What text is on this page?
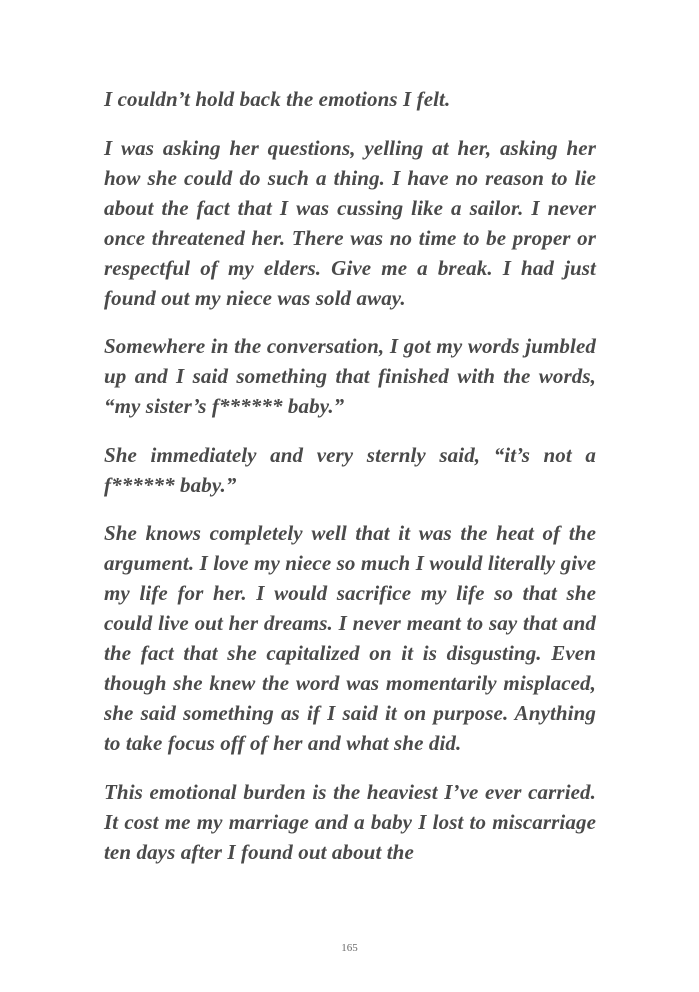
I couldn’t hold back the emotions I felt.

I was asking her questions, yelling at her, asking her how she could do such a thing. I have no reason to lie about the fact that I was cussing like a sailor. I never once threatened her. There was no time to be proper or respectful of my elders. Give me a break. I had just found out my niece was sold away.

Somewhere in the conversation, I got my words jumbled up and I said something that finished with the words, “my sister’s f****** baby.”

She immediately and very sternly said, “it’s not a f****** baby.”

She knows completely well that it was the heat of the argument. I love my niece so much I would literally give my life for her. I would sacrifice my life so that she could live out her dreams. I never meant to say that and the fact that she capitalized on it is disgusting. Even though she knew the word was momentarily misplaced, she said something as if I said it on purpose. Anything to take focus off of her and what she did.

This emotional burden is the heaviest I’ve ever carried. It cost me my marriage and a baby I lost to miscarriage ten days after I found out about the

165
